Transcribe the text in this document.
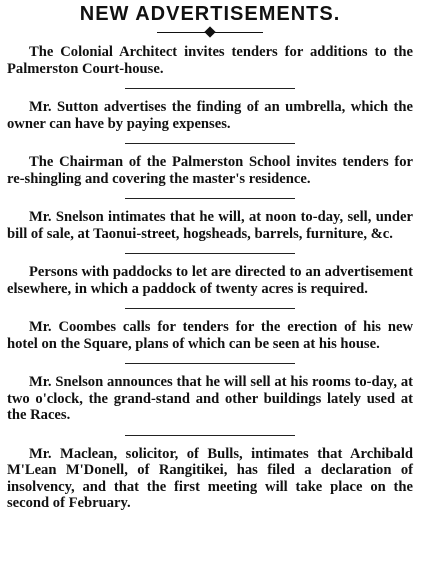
NEW ADVERTISEMENTS.

The Colonial Architect invites tenders for additions to the Palmerston Court-house.

Mr. Sutton advertises the finding of an umbrella, which the owner can have by paying expenses.

The Chairman of the Palmerston School invites tenders for re-shingling and covering the master's residence.

Mr. Snelson intimates that he will, at noon to-day, sell, under bill of sale, at Taonui-street, hogsheads, barrels, furniture, &c.

Persons with paddocks to let are directed to an advertisement elsewhere, in which a paddock of twenty acres is required.

Mr. Coombes calls for tenders for the erection of his new hotel on the Square, plans of which can be seen at his house.

Mr. Snelson announces that he will sell at his rooms to-day, at two o'clock, the grand-stand and other buildings lately used at the Races.

Mr. Maclean, solicitor, of Bulls, intimates that Archibald M'Lean M'Donell, of Rangitikei, has filed a declaration of insolvency, and that the first meeting will take place on the second of February.
